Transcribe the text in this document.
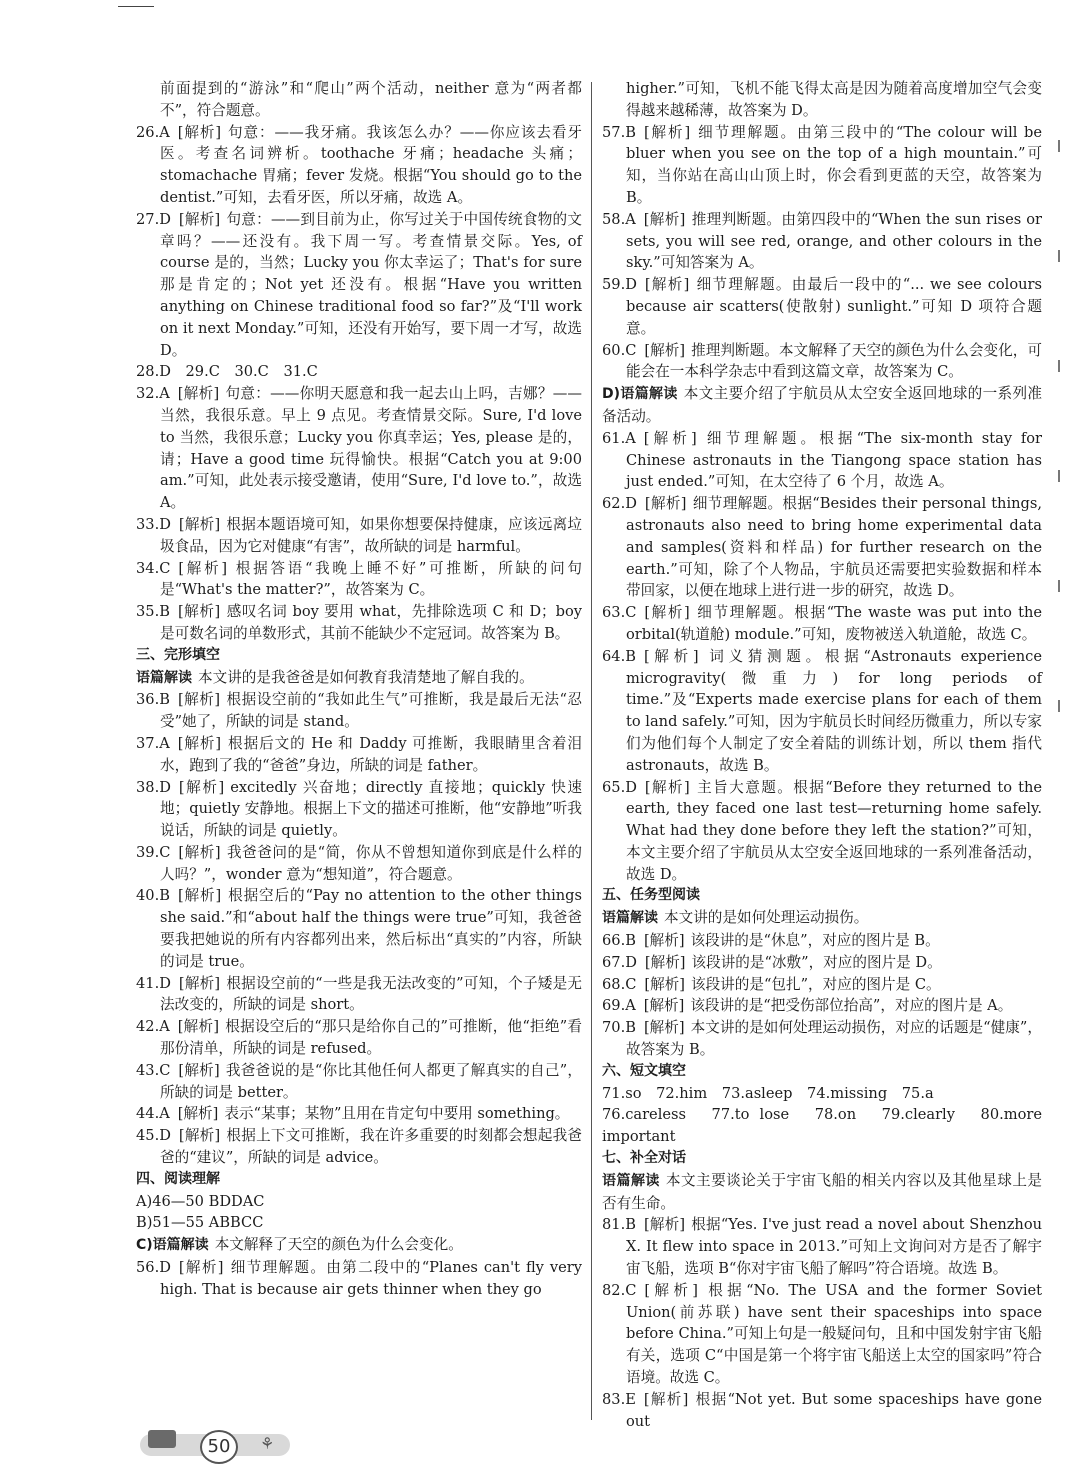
前面提到的“游泳”和“爬山”两个活动，neither 意为“两者都不”，符合题意。
26.A [解析] 句意：——我牙痛。我该怎么办？——你应该去看牙医。考查名词辨析。toothache 牙痛；headache 头痛；stomachache 胃痛；fever 发烧。根据“You should go to the dentist.”可知，去看牙医，所以牙痛，故选 A。
27.D [解析] 句意：——到目前为止，你写过关于中国传统食物的文章吗？——还没有。我下周一写。考查情景交际。Yes, of course 是的，当然；Lucky you 你太幸运了；That's for sure 那是肯定的；Not yet 还没有。根据“Have you written anything on Chinese traditional food so far?”及“I'll work on it next Monday.”可知，还没有开始写，要下周一才写，故选 D。
28.D　29.C　30.C　31.C
32.A [解析] 句意：——你明天愿意和我一起去山上吗，吉娜？——当然，我很乐意。早上 9 点见。考查情景交际。Sure, I'd love to 当然，我很乐意；Lucky you 你真幸运；Yes, please 是的，请；Have a good time 玩得愉快。根据“Catch you at 9:00 am.”可知，此处表示接受邀请，使用“Sure, I'd love to.”，故选 A。
33.D [解析] 根据本题语境可知，如果你想要保持健康，应该远离垃圾食品，因为它对健康“有害”，故所缺的词是 harmful。
34.C [解析] 根据答语“我晚上睡不好”可推断，所缺的问句是“What's the matter?”，故答案为 C。
35.B [解析] 感叹名词 boy 要用 what，先排除选项 C 和 D；boy 是可数名词的单数形式，其前不能缺少不定冠词。故答案为 B。
三、完形填空
语篇解读 本文讲的是我爸爸是如何教育我清楚地了解自我的。
36.B [解析] 根据设空前的“我如此生气”可推断，我是最后无法“忍受”她了，所缺的词是 stand。
37.A [解析] 根据后文的 He 和 Daddy 可推断，我眼睛里含着泪水，跑到了我的“爸爸”身边，所缺的词是 father。
38.D [解析] excitedly 兴奋地；directly 直接地；quickly 快速地；quietly 安静地。根据上下文的描述可推断，他“安静地”听我说话，所缺的词是 quietly。
39.C [解析] 我爸爸问的是“简，你从不曾想知道你到底是什么样的人吗？”，wonder 意为“想知道”，符合题意。
40.B [解析] 根据空后的“Pay no attention to the other things she said.”和“about half the things were true”可知，我爸爸要我把她说的所有内容都列出来，然后标出“真实的”内容，所缺的词是 true。
41.D [解析] 根据设空前的“一些是我无法改变的”可知，个子矮是无法改变的，所缺的词是 short。
42.A [解析] 根据设空后的“那只是给你自己的”可推断，他“拒绝”看那份清单，所缺的词是 refused。
43.C [解析] 我爸爸说的是“你比其他任何人都更了解真实的自己”，所缺的词是 better。
44.A [解析] 表示“某事；某物”且用在肯定句中要用 something。
45.D [解析] 根据上下文可推断，我在许多重要的时刻都会想起我爸爸的“建议”，所缺的词是 advice。
四、阅读理解
A)46—50 BDDAC
B)51—55 ABBCC
C)语篇解读 本文解释了天空的颜色为什么会变化。
56.D [解析] 细节理解题。由第二段中的“Planes can't fly very high. That is because air gets thinner when they go
higher.”可知，飞机不能飞得太高是因为随着高度增加空气会变得越来越稀薄，故答案为 D。
57.B [解析] 细节理解题。由第三段中的“The colour will be bluer when you see on the top of a high mountain.”可知，当你站在高山山顶上时，你会看到更蓝的天空，故答案为 B。
58.A [解析] 推理判断题。由第四段中的“When the sun rises or sets, you will see red, orange, and other colours in the sky.”可知答案为 A。
59.D [解析] 细节理解题。由最后一段中的“... we see colours because air scatters(使散射) sunlight.”可知 D 项符合题意。
60.C [解析] 推理判断题。本文解释了天空的颜色为什么会变化，可能会在一本科学杂志中看到这篇文章，故答案为 C。
D)语篇解读 本文主要介绍了宇航员从太空安全返回地球的一系列准备活动。
61.A [解析] 细节理解题。根据“The six-month stay for Chinese astronauts in the Tiangong space station has just ended.”可知，在太空待了 6 个月，故选 A。
62.D [解析] 细节理解题。根据“Besides their personal things, astronauts also need to bring home experimental data and samples(资料和样品) for further research on the earth.”可知，除了个人物品，宇航员还需要把实验数据和样本带回家，以便在地球上进行进一步的研究，故选 D。
63.C [解析] 细节理解题。根据“The waste was put into the orbital(轨道舱) module.”可知，废物被送入轨道舱，故选 C。
64.B [解析] 词义猜测题。根据“Astronauts experience microgravity(微重力) for long periods of time.”及“Experts made exercise plans for each of them to land safely.”可知，因为宇航员长时间经历微重力，所以专家们为他们每个人制定了安全着陆的训练计划，所以 them 指代 astronauts，故选 B。
65.D [解析] 主旨大意题。根据“Before they returned to the earth, they faced one last test—returning home safely. What had they done before they left the station?”可知，本文主要介绍了宇航员从太空安全返回地球的一系列准备活动，故选 D。
五、任务型阅读
语篇解读 本文讲的是如何处理运动损伤。
66.B [解析] 该段讲的是“休息”，对应的图片是 B。
67.D [解析] 该段讲的是“冰敷”，对应的图片是 D。
68.C [解析] 该段讲的是“包扎”，对应的图片是 C。
69.A [解析] 该段讲的是“把受伤部位抬高”，对应的图片是 A。
70.B [解析] 本文讲的是如何处理运动损伤，对应的话题是“健康”，故答案为 B。
六、短文填空
71.so　72.him　73.asleep　74.missing　75.a
76.careless　77.to lose　78.on　79.clearly　80.more important
七、补全对话
语篇解读 本文主要谈论关于宇宙飞船的相关内容以及其他星球上是否有生命。
81.B [解析] 根据“Yes. I've just read a novel about Shenzhou X. It flew into space in 2013.”可知上文询问对方是否了解宇宙飞船，选项 B“你对宇宙飞船了解吗”符合语境。故选 B。
82.C [解析] 根据“No. The USA and the former Soviet Union(前苏联) have sent their spaceships into space before China.”可知上句是一般疑问句，且和中国发射宇宙飞船有关，选项 C“中国是第一个将宇宙飞船送上太空的国家吗”符合语境。故选 C。
83.E [解析] 根据“Not yet. But some spaceships have gone out
50	⚘
